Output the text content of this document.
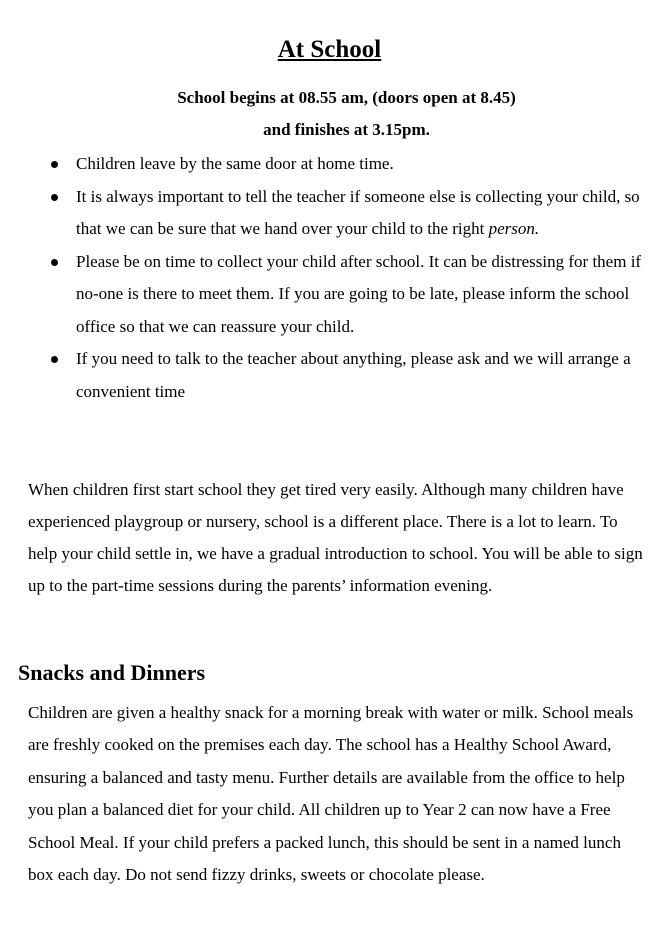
At School
School begins at 08.55 am, (doors open at 8.45)
and finishes at 3.15pm.
Children leave by the same door at home time.
It is always important to tell the teacher if someone else is collecting your child, so that we can be sure that we hand over your child to the right person.
Please be on time to collect your child after school. It can be distressing for them if no-one is there to meet them. If you are going to be late, please inform the school office so that we can reassure your child.
If you need to talk to the teacher about anything, please ask and we will arrange a convenient time

When children first start school they get tired very easily. Although many children have experienced playgroup or nursery, school is a different place. There is a lot to learn. To help your child settle in, we have a gradual introduction to school. You will be able to sign up to the part-time sessions during the parents’ information evening.

Snacks and Dinners

Children are given a healthy snack for a morning break with water or milk. School meals are freshly cooked on the premises each day. The school has a Healthy School Award, ensuring a balanced and tasty menu. Further details are available from the office to help you plan a balanced diet for your child. All children up to Year 2 can now have a Free School Meal. If your child prefers a packed lunch, this should be sent in a named lunch box each day. Do not send fizzy drinks, sweets or chocolate please.
